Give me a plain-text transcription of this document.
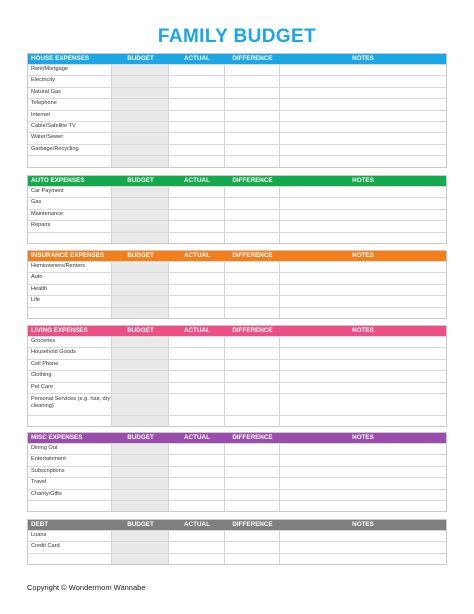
FAMILY BUDGET
HOUSE EXPENSES	BUDGET	ACTUAL	DIFFERENCE	NOTES
Rent/Mortgage
Electricity
Natural Gas
Telephone
Internet
Cable/Satellite TV
Water/Sewer
Garbage/Recycling
AUTO EXPENSES	BUDGET	ACTUAL	DIFFERENCE	NOTES
Car Payment
Gas
Maintenance
Repairs
INSURANCE EXPENSES	BUDGET	ACTUAL	DIFFERENCE	NOTES
Homeowners/Renters
Auto
Health
Life
LIVING EXPENSES	BUDGET	ACTUAL	DIFFERENCE	NOTES
Groceries
Household Goods
Cell Phone
Clothing
Pet Care
Personal Services (e.g. hair, dry cleaning)
MISC EXPENSES	BUDGET	ACTUAL	DIFFERENCE	NOTES
Dining Out
Entertainment
Subscriptions
Travel
Charity/Gifts
DEBT	BUDGET	ACTUAL	DIFFERENCE	NOTES
Loans
Credit Card
Copyright © Wondermom Wannabe
